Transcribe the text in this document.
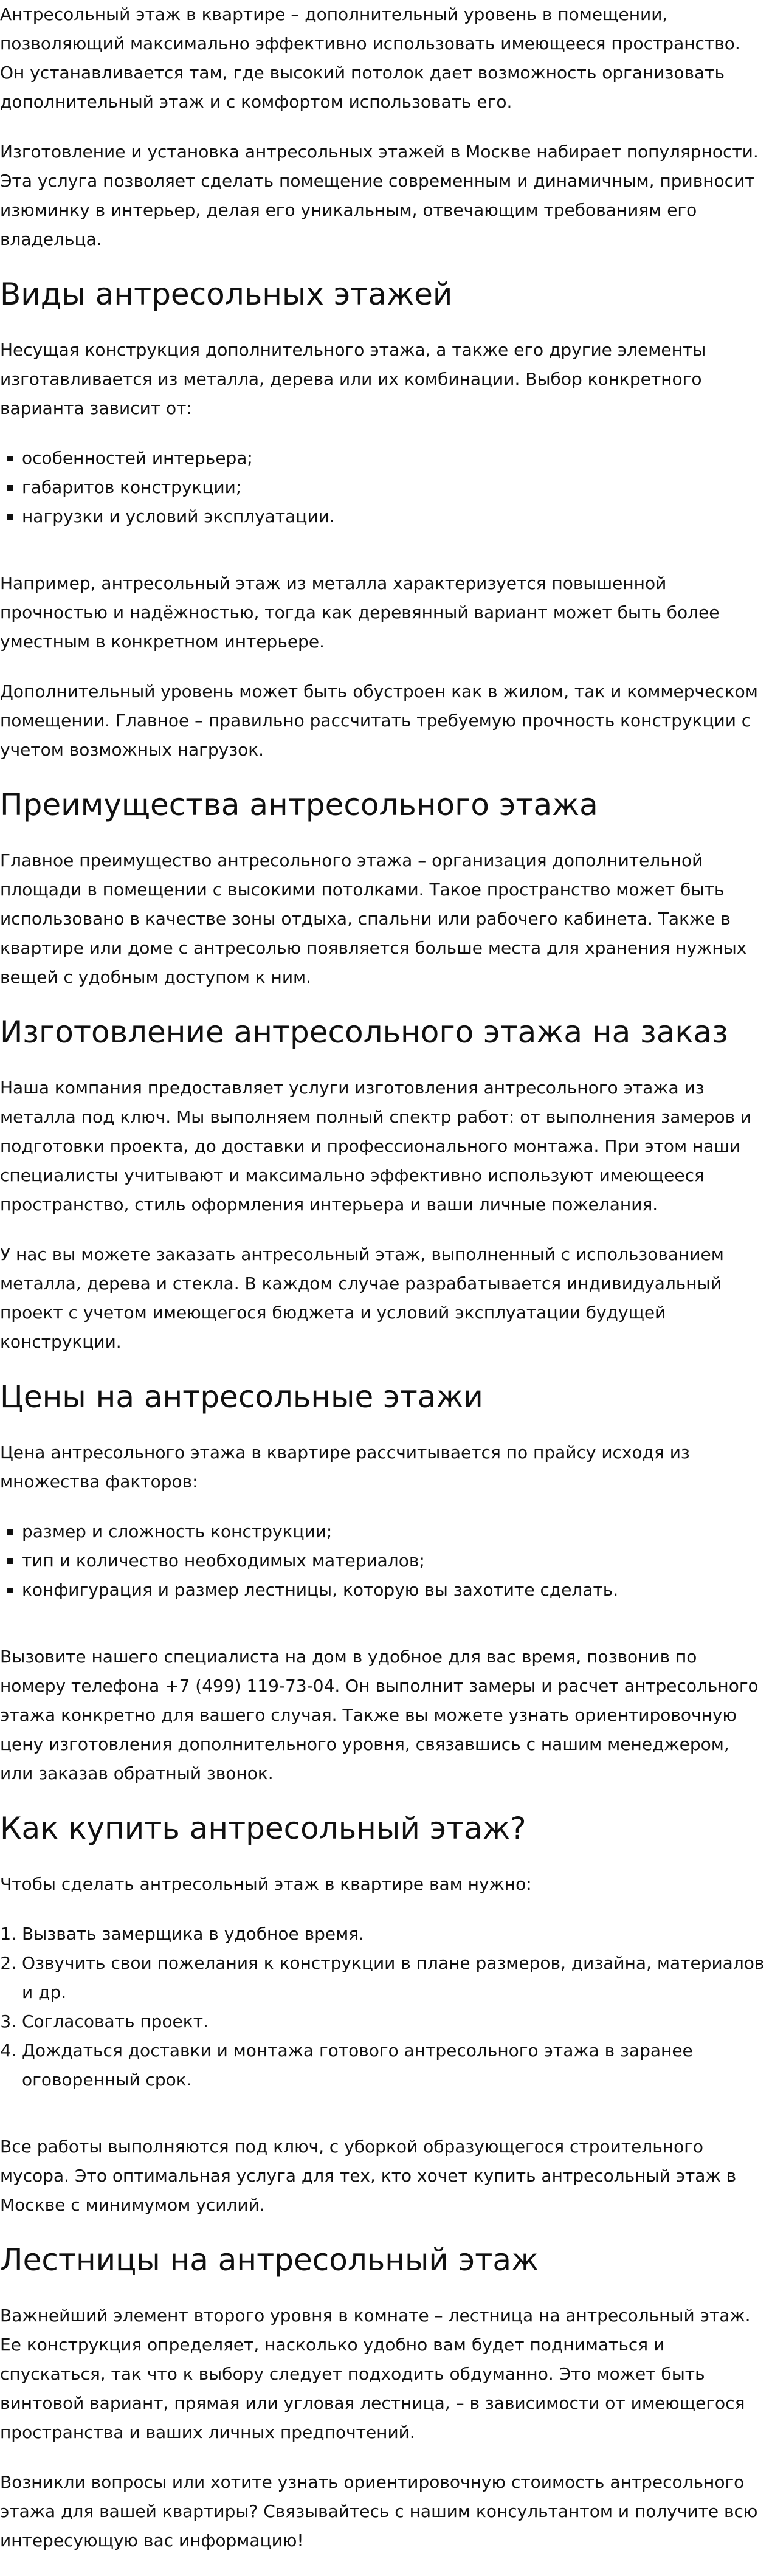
Антресольный этаж в квартире – дополнительный уровень в помещении, позволяющий максимально эффективно использовать имеющееся пространство. Он устанавливается там, где высокий потолок дает возможность организовать дополнительный этаж и с комфортом использовать его.

Изготовление и установка антресольных этажей в Москве набирает популярности. Эта услуга позволяет сделать помещение современным и динамичным, привносит изюминку в интерьер, делая его уникальным, отвечающим требованиям его владельца.

Виды антресольных этажей

Несущая конструкция дополнительного этажа, а также его другие элементы изготавливается из металла, дерева или их комбинации. Выбор конкретного варианта зависит от:

▪ особенностей интерьера;
▪ габаритов конструкции;
▪ нагрузки и условий эксплуатации.

Например, антресольный этаж из металла характеризуется повышенной прочностью и надёжностью, тогда как деревянный вариант может быть более уместным в конкретном интерьере.

Дополнительный уровень может быть обустроен как в жилом, так и коммерческом помещении. Главное – правильно рассчитать требуемую прочность конструкции с учетом возможных нагрузок.

Преимущества антресольного этажа

Главное преимущество антресольного этажа – организация дополнительной площади в помещении с высокими потолками. Такое пространство может быть использовано в качестве зоны отдыха, спальни или рабочего кабинета. Также в квартире или доме с антресолью появляется больше места для хранения нужных вещей с удобным доступом к ним.

Изготовление антресольного этажа на заказ

Наша компания предоставляет услуги изготовления антресольного этажа из металла под ключ. Мы выполняем полный спектр работ: от выполнения замеров и подготовки проекта, до доставки и профессионального монтажа. При этом наши специалисты учитывают и максимально эффективно используют имеющееся пространство, стиль оформления интерьера и ваши личные пожелания.

У нас вы можете заказать антресольный этаж, выполненный с использованием металла, дерева и стекла. В каждом случае разрабатывается индивидуальный проект с учетом имеющегося бюджета и условий эксплуатации будущей конструкции.

Цены на антресольные этажи

Цена антресольного этажа в квартире рассчитывается по прайсу исходя из множества факторов:

▪ размер и сложность конструкции;
▪ тип и количество необходимых материалов;
▪ конфигурация и размер лестницы, которую вы захотите сделать.

Вызовите нашего специалиста на дом в удобное для вас время, позвонив по номеру телефона +7 (499) 119-73-04. Он выполнит замеры и расчет антресольного этажа конкретно для вашего случая. Также вы можете узнать ориентировочную цену изготовления дополнительного уровня, связавшись с нашим менеджером, или заказав обратный звонок.

Как купить антресольный этаж?

Чтобы сделать антресольный этаж в квартире вам нужно:

1. Вызвать замерщика в удобное время.
2. Озвучить свои пожелания к конструкции в плане размеров, дизайна, материалов и др.
3. Согласовать проект.
4. Дождаться доставки и монтажа готового антресольного этажа в заранее оговоренный срок.

Все работы выполняются под ключ, с уборкой образующегося строительного мусора. Это оптимальная услуга для тех, кто хочет купить антресольный этаж в Москве с минимумом усилий.

Лестницы на антресольный этаж

Важнейший элемент второго уровня в комнате – лестница на антресольный этаж. Ее конструкция определяет, насколько удобно вам будет подниматься и спускаться, так что к выбору следует подходить обдуманно. Это может быть винтовой вариант, прямая или угловая лестница, – в зависимости от имеющегося пространства и ваших личных предпочтений.

Возникли вопросы или хотите узнать ориентировочную стоимость антресольного этажа для вашей квартиры? Связывайтесь с нашим консультантом и получите всю интересующую вас информацию!
